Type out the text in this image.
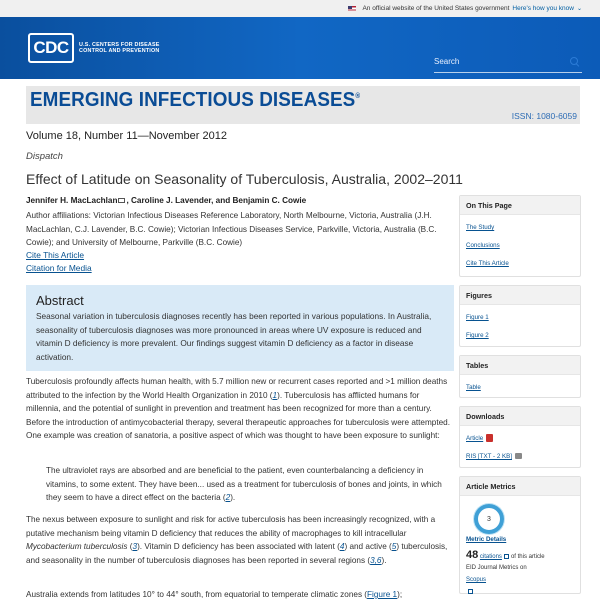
An official website of the United States government Here's how you know ⌄
CDC	U.S. CENTERS FOR DISEASE
CONTROL AND PREVENTION
Search
EMERGING INFECTIOUS DISEASES®
ISSN: 1080-6059
Volume 18, Number 11—November 2012
Dispatch
Effect of Latitude on Seasonality of Tuberculosis, Australia, 2002–2011
Jennifer H. MacLachlan , Caroline J. Lavender, and Benjamin C. Cowie
Author affiliations: Victorian Infectious Diseases Reference Laboratory, North Melbourne, Victoria, Australia (J.H. MacLachlan, C.J. Lavender, B.C. Cowie); Victorian Infectious Diseases Service, Parkville, Victoria, Australia (B.C. Cowie); and University of Melbourne, Parkville (B.C. Cowie)
Cite This Article
Citation for Media
Abstract

Seasonal variation in tuberculosis diagnoses recently has been reported in various populations. In Australia, seasonality of tuberculosis diagnoses was more pronounced in areas where UV exposure is reduced and vitamin D deficiency is more prevalent. Our findings suggest vitamin D deficiency as a factor in disease activation.

Tuberculosis profoundly affects human health, with 5.7 million new or recurrent cases reported and >1 million deaths attributed to the infection by the World Health Organization in 2010 (1). Tuberculosis has afflicted humans for millennia, and the potential of sunlight in prevention and treatment has been recognized for more than a century. Before the introduction of antimycobacterial therapy, several therapeutic approaches for tuberculosis were attempted. One example was creation of sanatoria, a positive aspect of which was thought to have been exposure to sunlight:
The ultraviolet rays are absorbed and are beneficial to the patient, even counterbalancing a deficiency in vitamins, to some extent. They have been... used as a treatment for tuberculosis of bones and joints, in which they seem to have a direct effect on the bacteria (2).
The nexus between exposure to sunlight and risk for active tuberculosis has been increasingly recognized, with a putative mechanism being vitamin D deficiency that reduces the ability of macrophages to kill intracellular Mycobacterium tuberculosis (3). Vitamin D deficiency has been associated with latent (4) and active (5) tuberculosis, and seasonality in the number of tuberculosis diagnoses has been reported in several regions (3,6).
Australia extends from latitudes 10° to 44° south, from equatorial to temperate climatic zones (Figure 1);
On This Page
The Study
Conclusions
Cite This Article
Figures
Figure 1
Figure 2
Tables
Table
Downloads
Article
RIS [TXT - 2 KB]
Article Metrics
3
Metric Details
48 citations of this article
EID Journal Metrics on
Scopus
